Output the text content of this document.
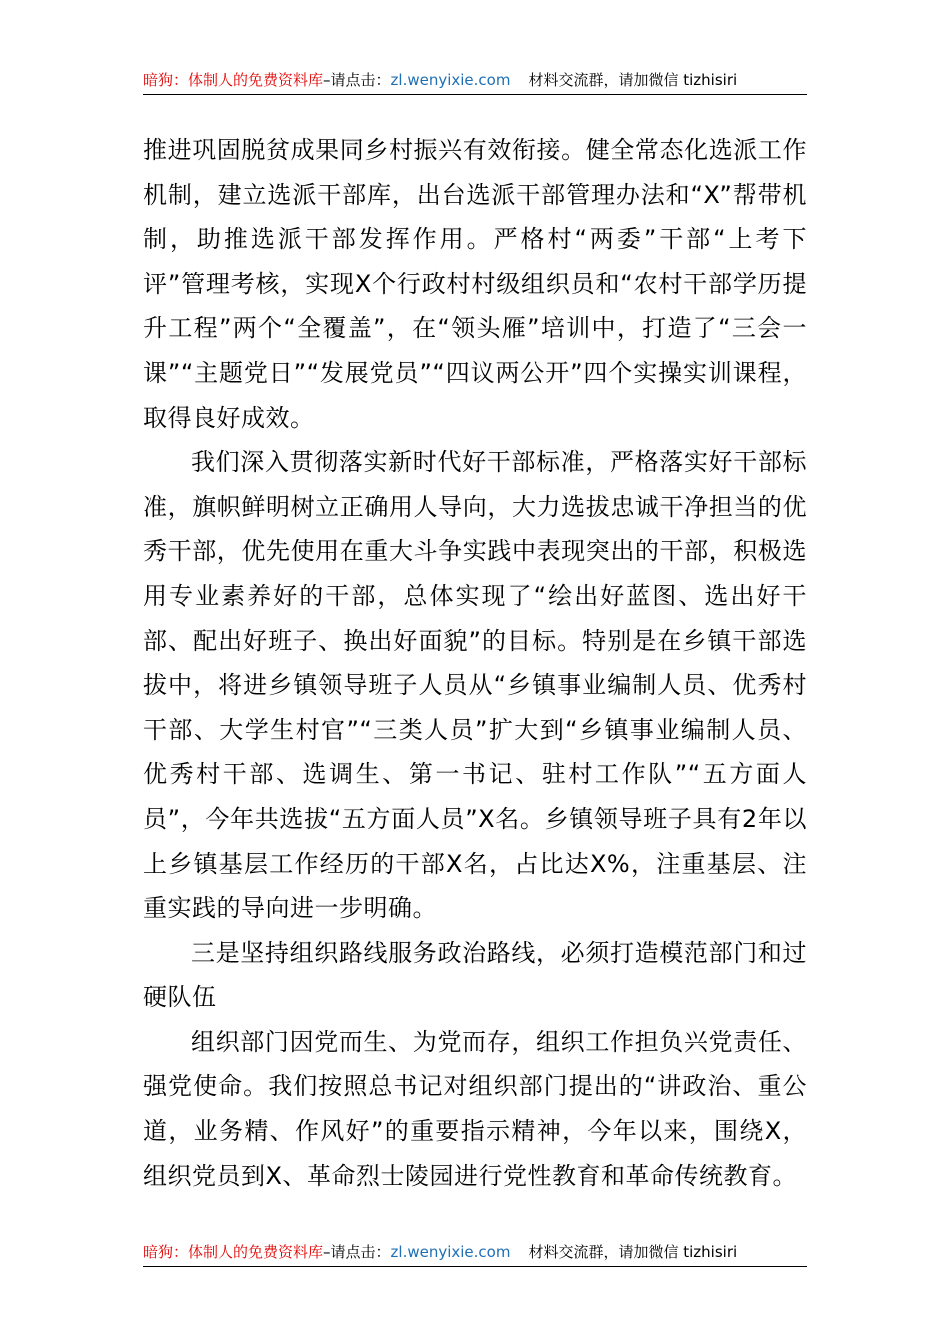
暗狗：体制人的免费资料库–请点击：zl.wenyixie.com 材料交流群，请加微信 tizhisiri

推进巩固脱贫成果同乡村振兴有效衔接。健全常态化选派工作机制，建立选派干部库，出台选派干部管理办法和“X”帮带机制，助推选派干部发挥作用。严格村“两委”干部“上考下评”管理考核，实现X个行政村村级组织员和“农村干部学历提升工程”两个“全覆盖”，在“领头雁”培训中，打造了“三会一课”“主题党日”“发展党员”“四议两公开”四个实操实训课程，取得良好成效。

我们深入贯彻落实新时代好干部标准，严格落实好干部标准，旗帜鲜明树立正确用人导向，大力选拔忠诚干净担当的优秀干部，优先使用在重大斗争实践中表现突出的干部，积极选用专业素养好的干部，总体实现了“绘出好蓝图、选出好干部、配出好班子、换出好面貌”的目标。特别是在乡镇干部选拔中，将进乡镇领导班子人员从“乡镇事业编制人员、优秀村干部、大学生村官”“三类人员”扩大到“乡镇事业编制人员、优秀村干部、选调生、第一书记、驻村工作队”“五方面人员”，今年共选拔“五方面人员”X名。乡镇领导班子具有2年以上乡镇基层工作经历的干部X名，占比达X%，注重基层、注重实践的导向进一步明确。

三是坚持组织路线服务政治路线，必须打造模范部门和过硬队伍

组织部门因党而生、为党而存，组织工作担负兴党责任、强党使命。我们按照总书记对组织部门提出的“讲政治、重公道，业务精、作风好”的重要指示精神，今年以来，围绕X，组织党员到X、革命烈士陵园进行党性教育和革命传统教育。

暗狗：体制人的免费资料库–请点击：zl.wenyixie.com 材料交流群，请加微信 tizhisiri
